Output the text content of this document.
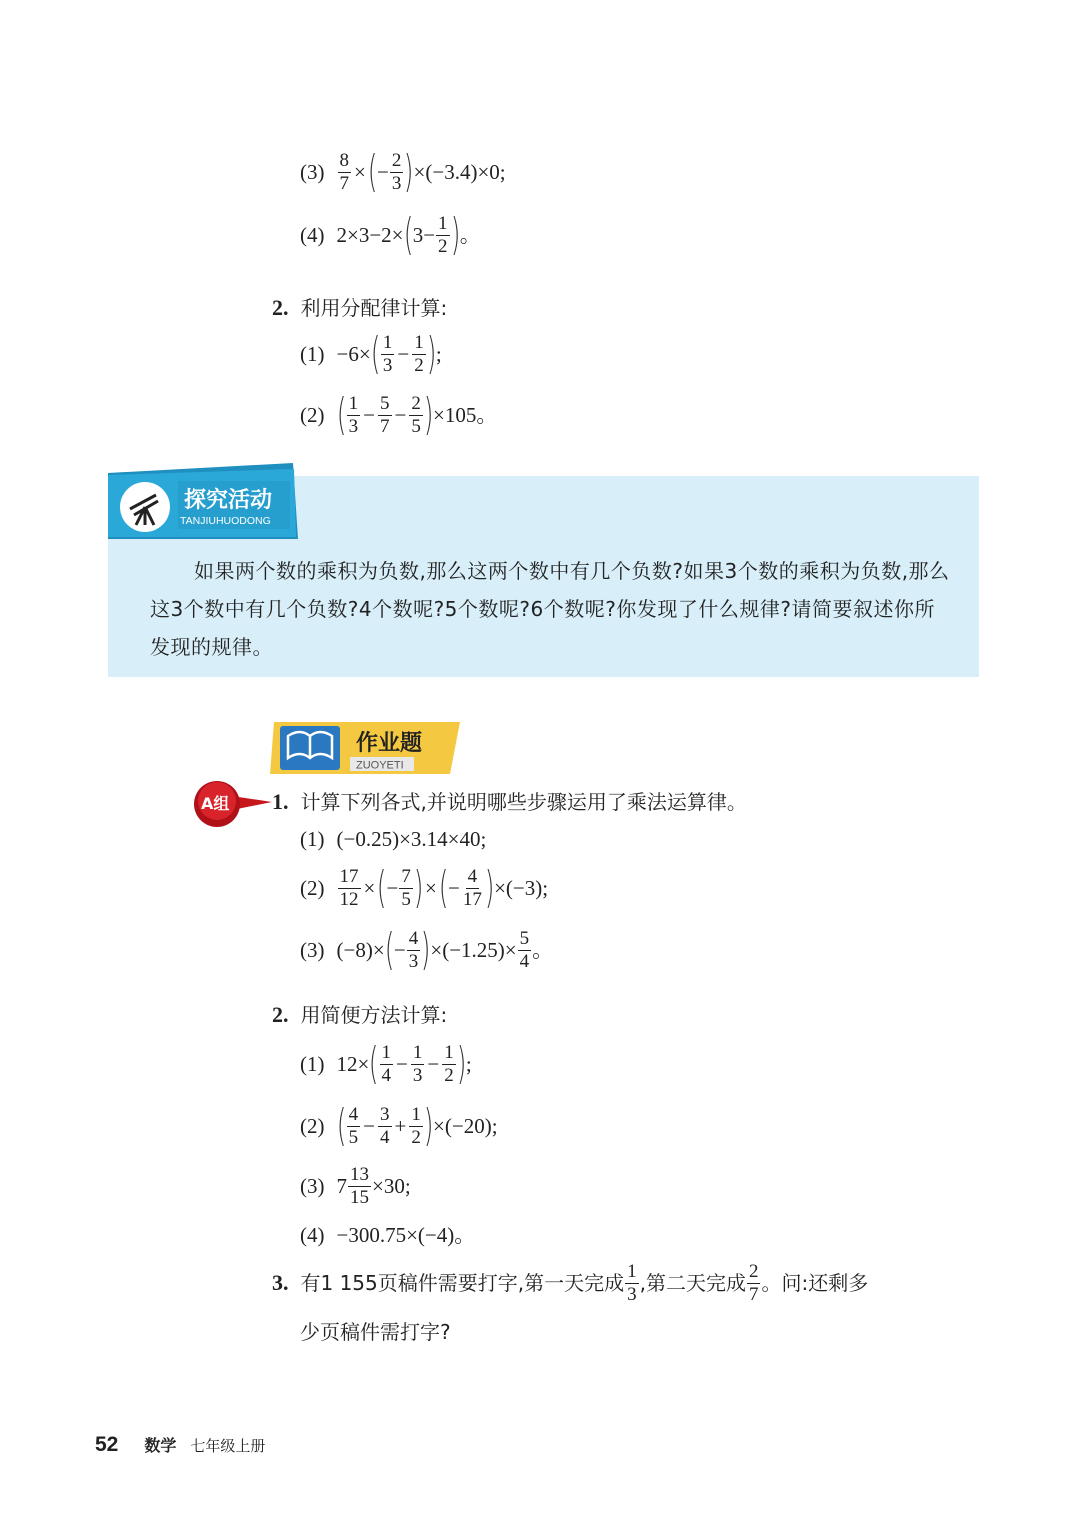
$(3) \frac{8}{7}$ × ( − $\frac{2}{3}$ ) ×(−3.4)×0;
(4) 2×3−2× ( $3- \frac{1}{2}$ ) 。
2. 利用分配律计算:
(1) −6× ( $\frac{1}{3} - \frac{1}{2}$ ) ;
(2) ( $\frac{1}{3} - \frac{5}{7} - \frac{2}{5}$ ) ×105。
探究活动
TANJIUHUODONG
如果两个数的乘积为负数,那么这两个数中有几个负数?如果3个数的乘积为负数,那么这3个数中有几个负数?4个数呢?5个数呢?6个数呢?你发现了什么规律?请简要叙述你所发现的规律。
作业题
ZUOYETI
A组 1. 计算下列各式,并说明哪些步骤运用了乘法运算律。
(1) (−0.25)×3.14×40;
$(2) \frac{17}{12}$ × ( − $\frac{7}{5}$ ) × ( − $\frac{4}{17}$ ) ×(−3);
(3) (−8)× ( − $\frac{4}{3}$ ) $\times(-1.25)\times \frac{5}{4}$ 。
2. 用简便方法计算:
(1) 12× ( $\frac{1}{4} - \frac{1}{3} - \frac{1}{2}$ ) ;
(2) ( $\frac{4}{5} - \frac{3}{4} + \frac{1}{2}$ ) ×(−20);
(3) $7 \frac{13}{15} \times 30$;
(4) −300.75×(−4)。
3. 有1 155页稿件需要打字,第一天完成 $\frac{1}{3}$ ,第二天完成 $\frac{2}{7}$ 。问:还剩多
少页稿件需打字?
52 数学 七年级上册
